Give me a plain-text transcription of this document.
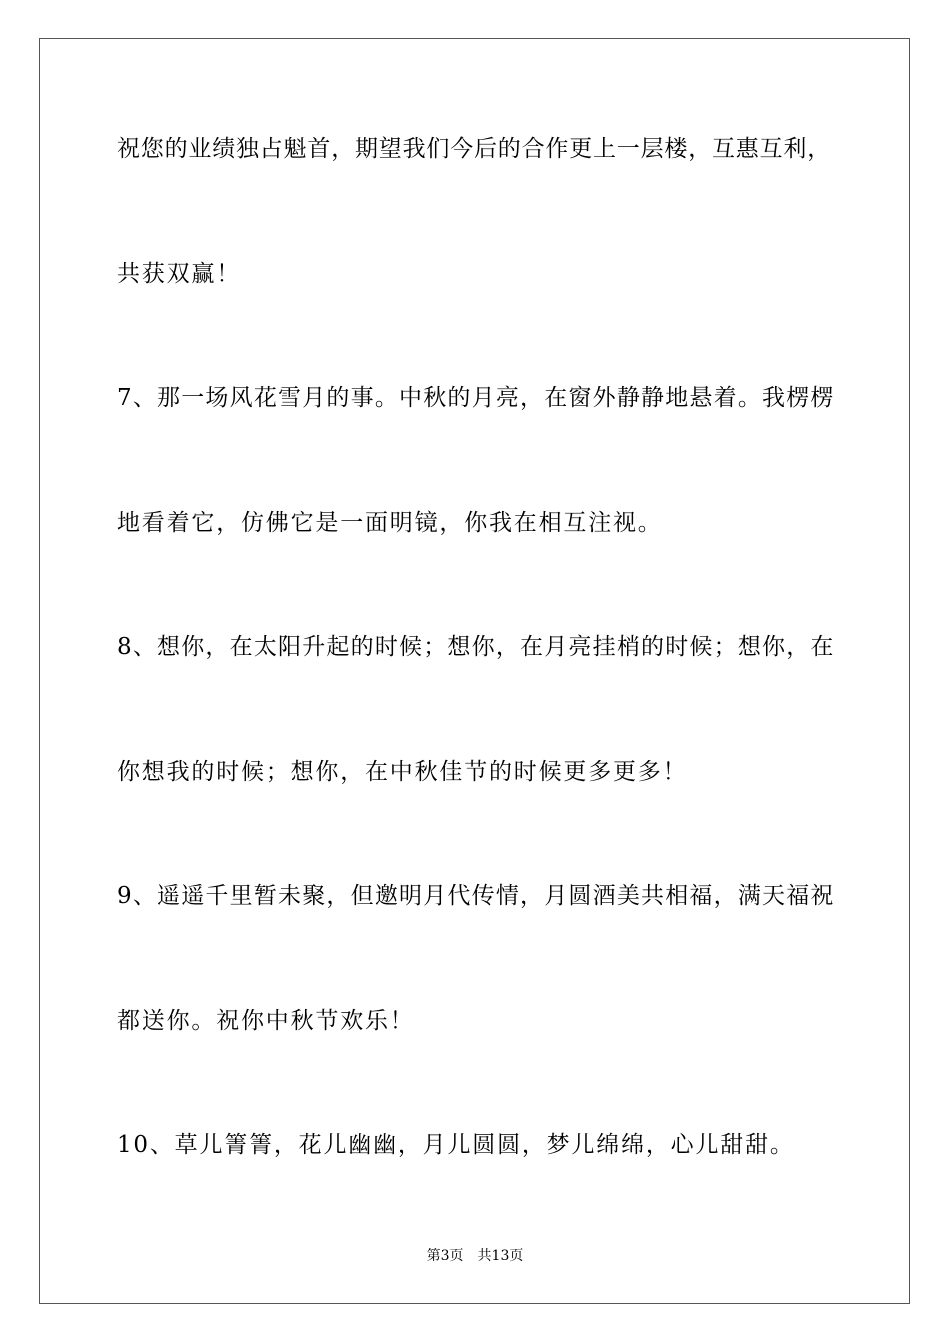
祝您的业绩独占魁首，期望我们今后的合作更上一层楼，互惠互利，
共获双赢！
7、那一场风花雪月的事。中秋的月亮，在窗外静静地悬着。我楞楞
地看着它，仿佛它是一面明镜，你我在相互注视。
8、想你，在太阳升起的时候；想你，在月亮挂梢的时候；想你，在
你想我的时候；想你，在中秋佳节的时候更多更多！
9、遥遥千里暂未聚，但邀明月代传情，月圆酒美共相福，满天福祝
都送你。祝你中秋节欢乐！
10、草儿箐箐，花儿幽幽，月儿圆圆，梦儿绵绵，心儿甜甜。
第3页 共13页
